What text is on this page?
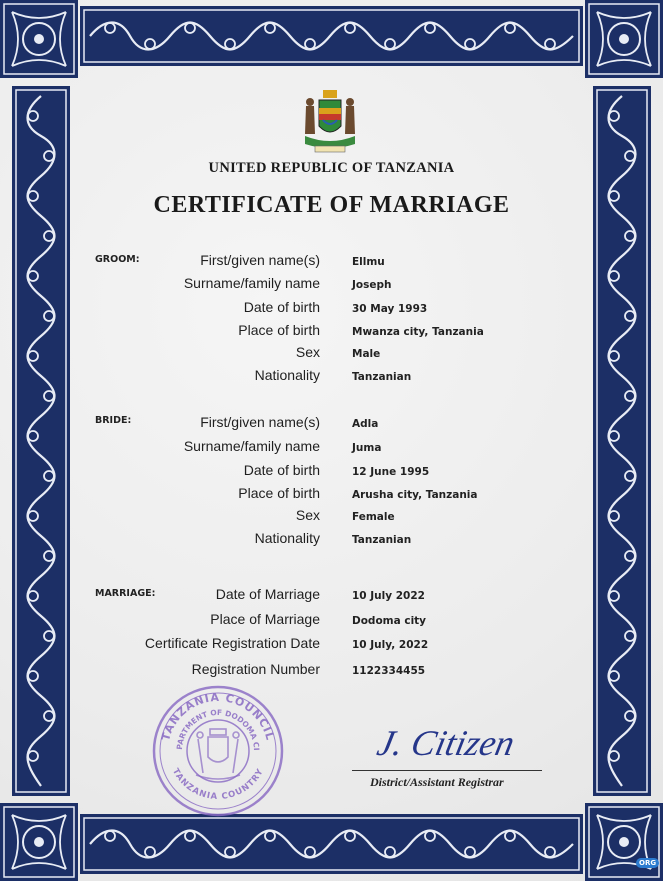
UNITED REPUBLIC OF TANZANIA
CERTIFICATE OF MARRIAGE
GROOM:	First/given name(s)	Ellmu
Surname/family name	Joseph
Date of birth	30 May 1993
Place of birth	Mwanza city, Tanzania
Sex	Male
Nationality	Tanzanian
BRIDE:	First/given name(s)	Adla
Surname/family name	Juma
Date of birth	12 June 1995
Place of birth	Arusha city, Tanzania
Sex	Female
Nationality	Tanzanian
MARRIAGE:	Date of Marriage	10 July 2022
Place of Marriage	Dodoma city
Certificate Registration Date	10 July, 2022
Registration Number	1122334455
TANZANIA COUNCIL
PARTMENT OF DODOMA CI
TANZANIA COUNTRY
J. Citizen
District/Assistant Registrar
ORG
